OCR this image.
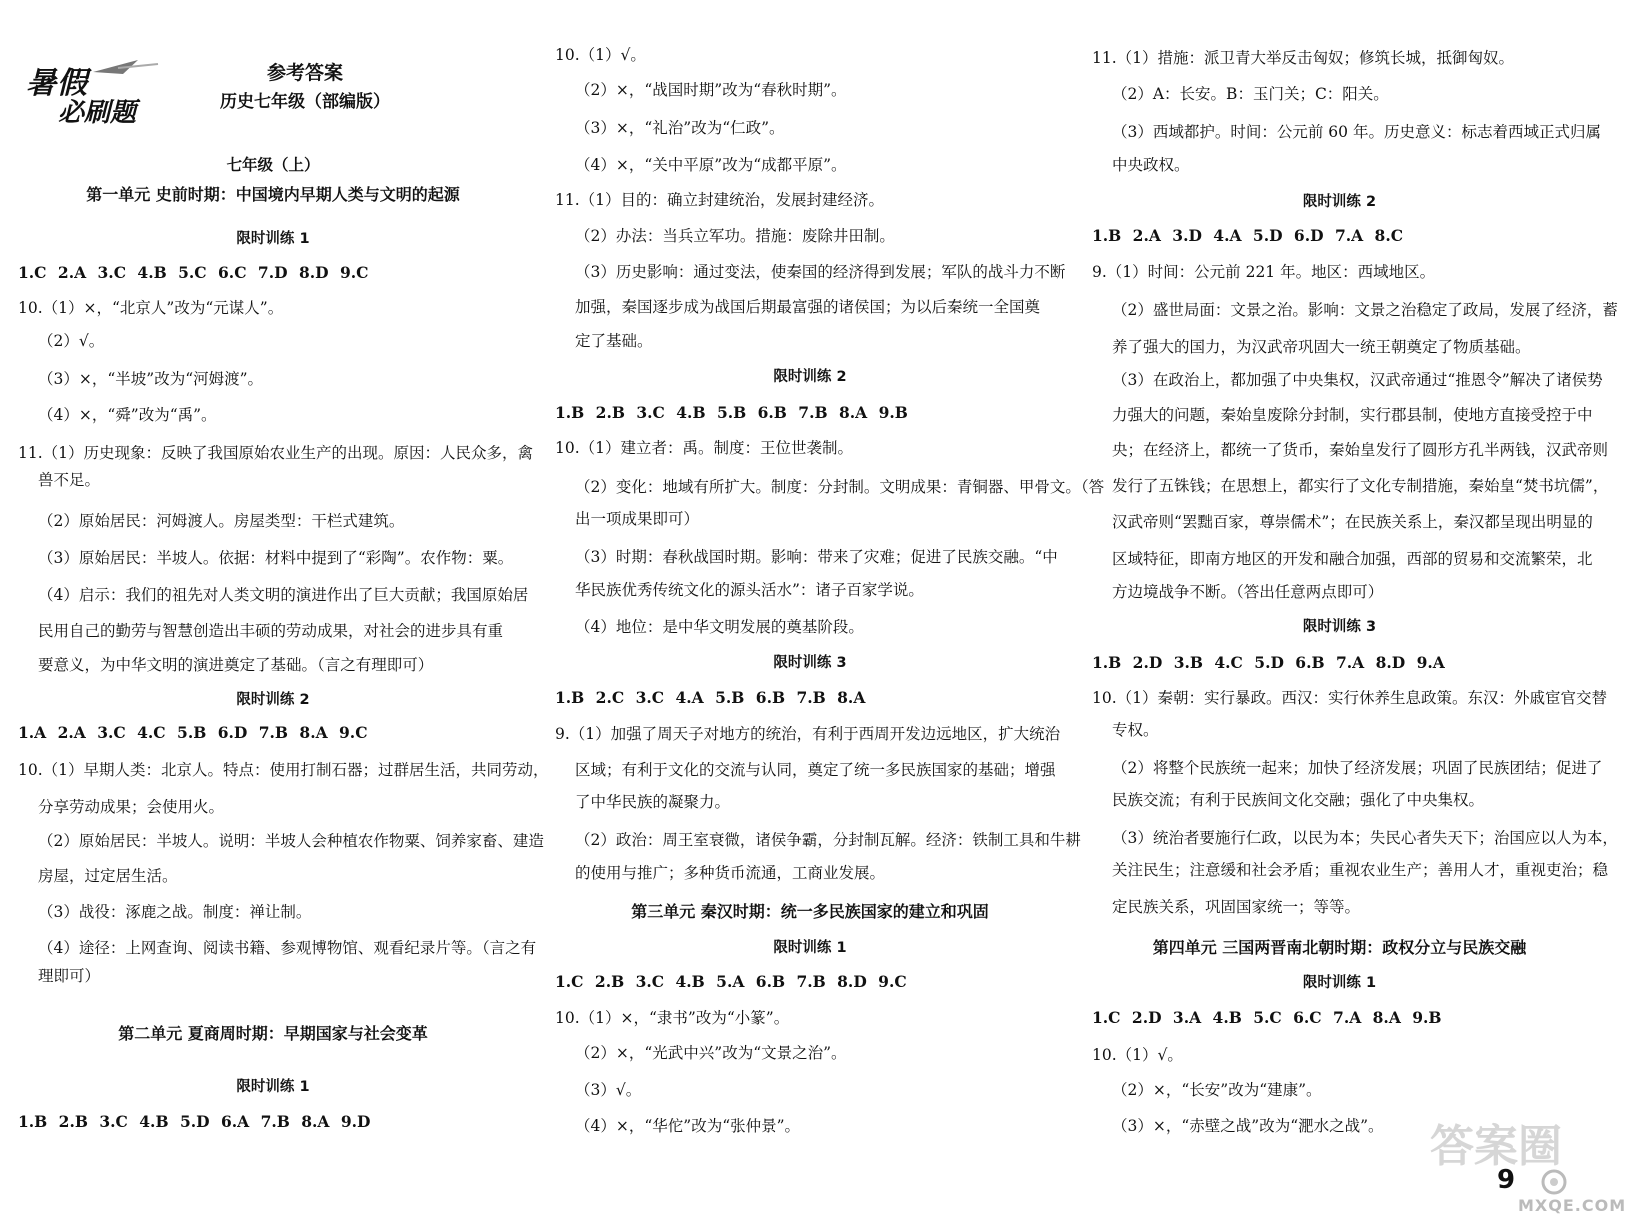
暑假
必刷题
参考答案
历史七年级（部编版）
七年级（上）
第一单元 史前时期：中国境内早期人类与文明的起源
限时训练 1
1.C 2.A 3.C 4.B 5.C 6.C 7.D 8.D 9.C
10.（1）×，“北京人”改为“元谋人”。
（2）√。
（3）×，“半坡”改为“河姆渡”。
（4）×，“舜”改为“禹”。
11.（1）历史现象：反映了我国原始农业生产的出现。原因：人民众多，禽
兽不足。
（2）原始居民：河姆渡人。房屋类型：干栏式建筑。
（3）原始居民：半坡人。依据：材料中提到了“彩陶”。农作物：粟。
（4）启示：我们的祖先对人类文明的演进作出了巨大贡献；我国原始居
民用自己的勤劳与智慧创造出丰硕的劳动成果，对社会的进步具有重
要意义，为中华文明的演进奠定了基础。（言之有理即可）
限时训练 2
1.A 2.A 3.C 4.C 5.B 6.D 7.B 8.A 9.C
10.（1）早期人类：北京人。特点：使用打制石器；过群居生活，共同劳动，
分享劳动成果；会使用火。
（2）原始居民：半坡人。说明：半坡人会种植农作物粟、饲养家畜、建造
房屋，过定居生活。
（3）战役：涿鹿之战。制度：禅让制。
（4）途径：上网查询、阅读书籍、参观博物馆、观看纪录片等。（言之有
理即可）
第二单元 夏商周时期：早期国家与社会变革
限时训练 1
1.B 2.B 3.C 4.B 5.D 6.A 7.B 8.A 9.D
10.（1）√。
（2）×，“战国时期”改为“春秋时期”。
（3）×，“礼治”改为“仁政”。
（4）×，“关中平原”改为“成都平原”。
11.（1）目的：确立封建统治，发展封建经济。
（2）办法：当兵立军功。措施：废除井田制。
（3）历史影响：通过变法，使秦国的经济得到发展；军队的战斗力不断
加强，秦国逐步成为战国后期最富强的诸侯国；为以后秦统一全国奠
定了基础。
限时训练 2
1.B 2.B 3.C 4.B 5.B 6.B 7.B 8.A 9.B
10.（1）建立者：禹。制度：王位世袭制。
（2）变化：地域有所扩大。制度：分封制。文明成果：青铜器、甲骨文。（答
出一项成果即可）
（3）时期：春秋战国时期。影响：带来了灾难；促进了民族交融。“中
华民族优秀传统文化的源头活水”：诸子百家学说。
（4）地位：是中华文明发展的奠基阶段。
限时训练 3
1.B 2.C 3.C 4.A 5.B 6.B 7.B 8.A
9.（1）加强了周天子对地方的统治，有利于西周开发边远地区，扩大统治
区域；有利于文化的交流与认同，奠定了统一多民族国家的基础；增强
了中华民族的凝聚力。
（2）政治：周王室衰微，诸侯争霸，分封制瓦解。经济：铁制工具和牛耕
的使用与推广；多种货币流通，工商业发展。
第三单元 秦汉时期：统一多民族国家的建立和巩固
限时训练 1
1.C 2.B 3.C 4.B 5.A 6.B 7.B 8.D 9.C
10.（1）×，“隶书”改为“小篆”。
（2）×，“光武中兴”改为“文景之治”。
（3）√。
（4）×，“华佗”改为“张仲景”。
11.（1）措施：派卫青大举反击匈奴；修筑长城，抵御匈奴。
（2）A：长安。B：玉门关；C：阳关。
（3）西域都护。时间：公元前 60 年。历史意义：标志着西域正式归属
中央政权。
限时训练 2
1.B 2.A 3.D 4.A 5.D 6.D 7.A 8.C
9.（1）时间：公元前 221 年。地区：西域地区。
（2）盛世局面：文景之治。影响：文景之治稳定了政局，发展了经济，蓄
养了强大的国力，为汉武帝巩固大一统王朝奠定了物质基础。
（3）在政治上，都加强了中央集权，汉武帝通过“推恩令”解决了诸侯势
力强大的问题，秦始皇废除分封制，实行郡县制，使地方直接受控于中
央；在经济上，都统一了货币，秦始皇发行了圆形方孔半两钱，汉武帝则
发行了五铢钱；在思想上，都实行了文化专制措施，秦始皇“焚书坑儒”，
汉武帝则“罢黜百家，尊崇儒术”；在民族关系上，秦汉都呈现出明显的
区域特征，即南方地区的开发和融合加强，西部的贸易和交流繁荣，北
方边境战争不断。（答出任意两点即可）
限时训练 3
1.B 2.D 3.B 4.C 5.D 6.B 7.A 8.D 9.A
10.（1）秦朝：实行暴政。西汉：实行休养生息政策。东汉：外戚宦官交替
专权。
（2）将整个民族统一起来；加快了经济发展；巩固了民族团结；促进了
民族交流；有利于民族间文化交融；强化了中央集权。
（3）统治者要施行仁政，以民为本；失民心者失天下；治国应以人为本，
关注民生；注意缓和社会矛盾；重视农业生产；善用人才，重视吏治；稳
定民族关系，巩固国家统一；等等。
第四单元 三国两晋南北朝时期：政权分立与民族交融
限时训练 1
1.C 2.D 3.A 4.B 5.C 6.C 7.A 8.A 9.B
10.（1）√。
（2）×，“长安”改为“建康”。
（3）×，“赤壁之战”改为“淝水之战”。	答案圈
9
MXQE.COM
